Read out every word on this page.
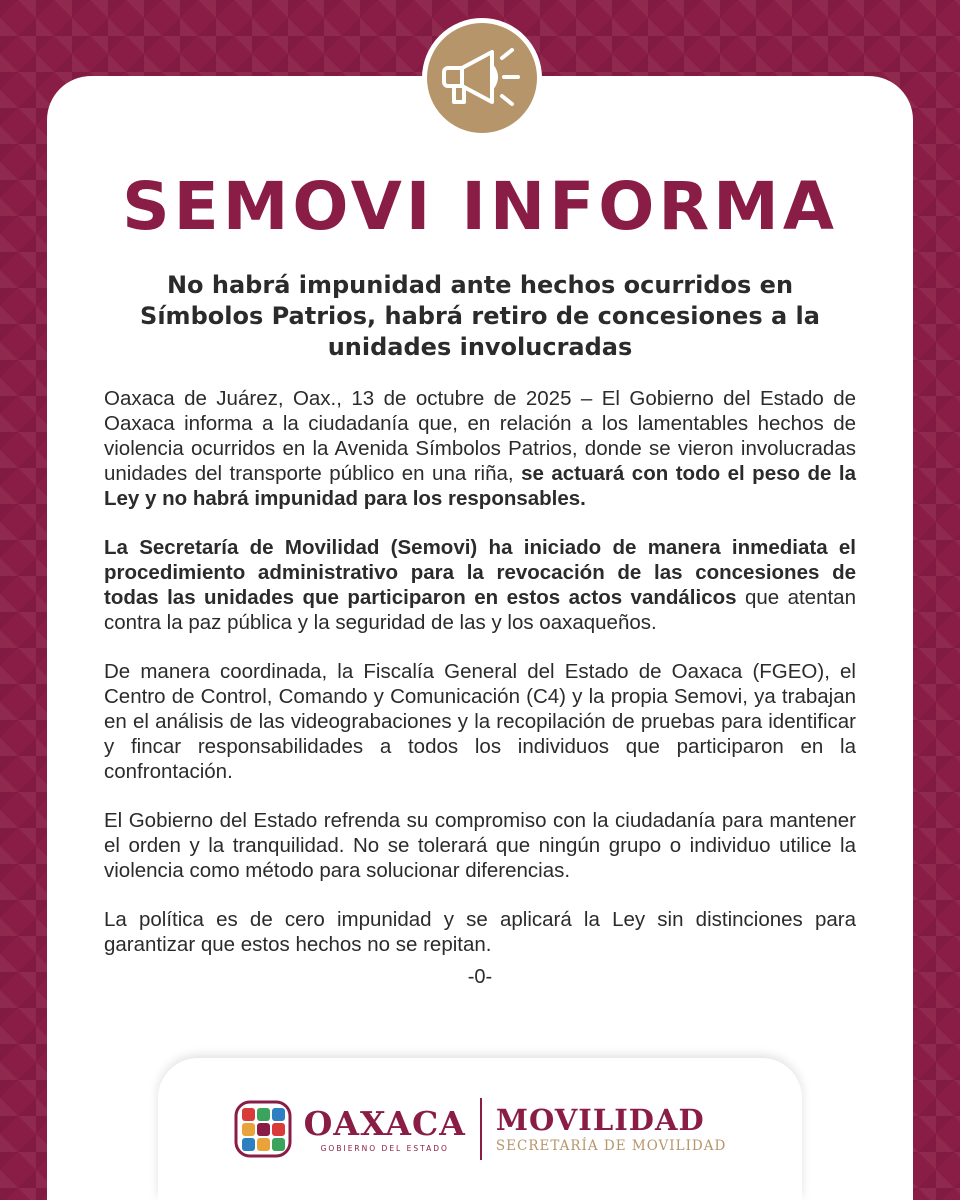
SEMOVI INFORMA

No habrá impunidad ante hechos ocurridos en Símbolos Patrios, habrá retiro de concesiones a la unidades involucradas

Oaxaca de Juárez, Oax., 13 de octubre de 2025 – El Gobierno del Estado de Oaxaca informa a la ciudadanía que, en relación a los lamentables hechos de violencia ocurridos en la Avenida Símbolos Patrios, donde se vieron involucradas unidades del transporte público en una riña, se actuará con todo el peso de la Ley y no habrá impunidad para los responsables.

La Secretaría de Movilidad (Semovi) ha iniciado de manera inmediata el procedimiento administrativo para la revocación de las concesiones de todas las unidades que participaron en estos actos vandálicos que atentan contra la paz pública y la seguridad de las y los oaxaqueños.

De manera coordinada, la Fiscalía General del Estado de Oaxaca (FGEO), el Centro de Control, Comando y Comunicación (C4) y la propia Semovi, ya trabajan en el análisis de las videograbaciones y la recopilación de pruebas para identificar y fincar responsabilidades a todos los individuos que participaron en la confrontación.

El Gobierno del Estado refrenda su compromiso con la ciudadanía para mantener el orden y la tranquilidad. No se tolerará que ningún grupo o individuo utilice la violencia como método para solucionar diferencias.

La política es de cero impunidad y se aplicará la Ley sin distinciones para garantizar que estos hechos no se repitan.

-0-

OAXACA
GOBIERNO DEL ESTADO
MOVILIDAD
SECRETARÍA DE MOVILIDAD
